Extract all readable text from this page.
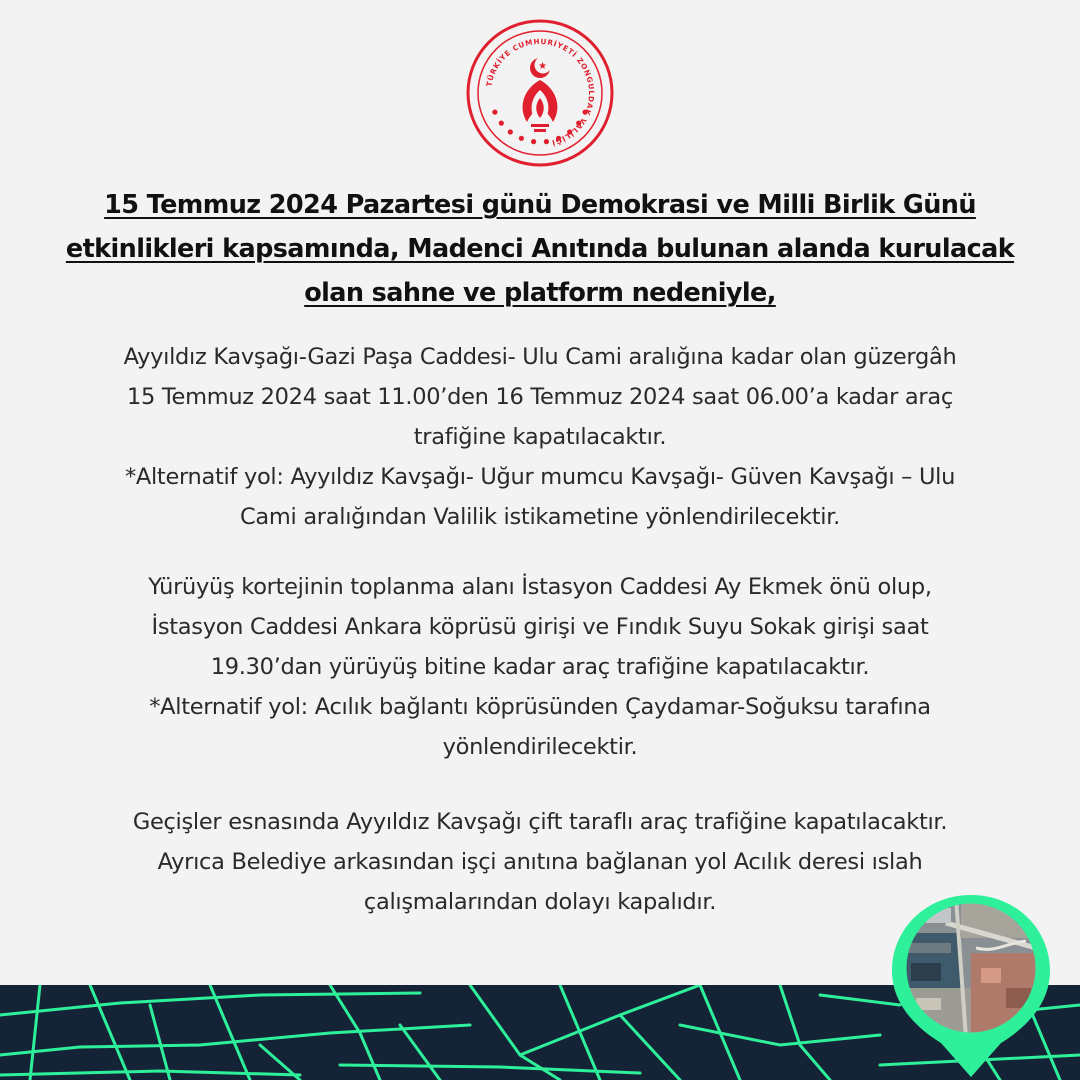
TÜRKİYE CUMHURİYETİ ZONGULDAK VALİLİĞİ
15 Temmuz 2024 Pazartesi günü Demokrasi ve Milli Birlik Günü
etkinlikleri kapsamında, Madenci Anıtında bulunan alanda kurulacak
olan sahne ve platform nedeniyle,
Ayyıldız Kavşağı-Gazi Paşa Caddesi- Ulu Cami aralığına kadar olan güzergâh
15 Temmuz 2024 saat 11.00’den 16 Temmuz 2024 saat 06.00’a kadar araç
trafiğine kapatılacaktır.
*Alternatif yol: Ayyıldız Kavşağı- Uğur mumcu Kavşağı- Güven Kavşağı – Ulu
Cami aralığından Valilik istikametine yönlendirilecektir.
Yürüyüş kortejinin toplanma alanı İstasyon Caddesi Ay Ekmek önü olup,
İstasyon Caddesi Ankara köprüsü girişi ve Fındık Suyu Sokak girişi saat
19.30’dan yürüyüş bitine kadar araç trafiğine kapatılacaktır.
*Alternatif yol: Acılık bağlantı köprüsünden Çaydamar-Soğuksu tarafına
yönlendirilecektir.
Geçişler esnasında Ayyıldız Kavşağı çift taraflı araç trafiğine kapatılacaktır.
Ayrıca Belediye arkasından işçi anıtına bağlanan yol Acılık deresi ıslah
çalışmalarından dolayı kapalıdır.
